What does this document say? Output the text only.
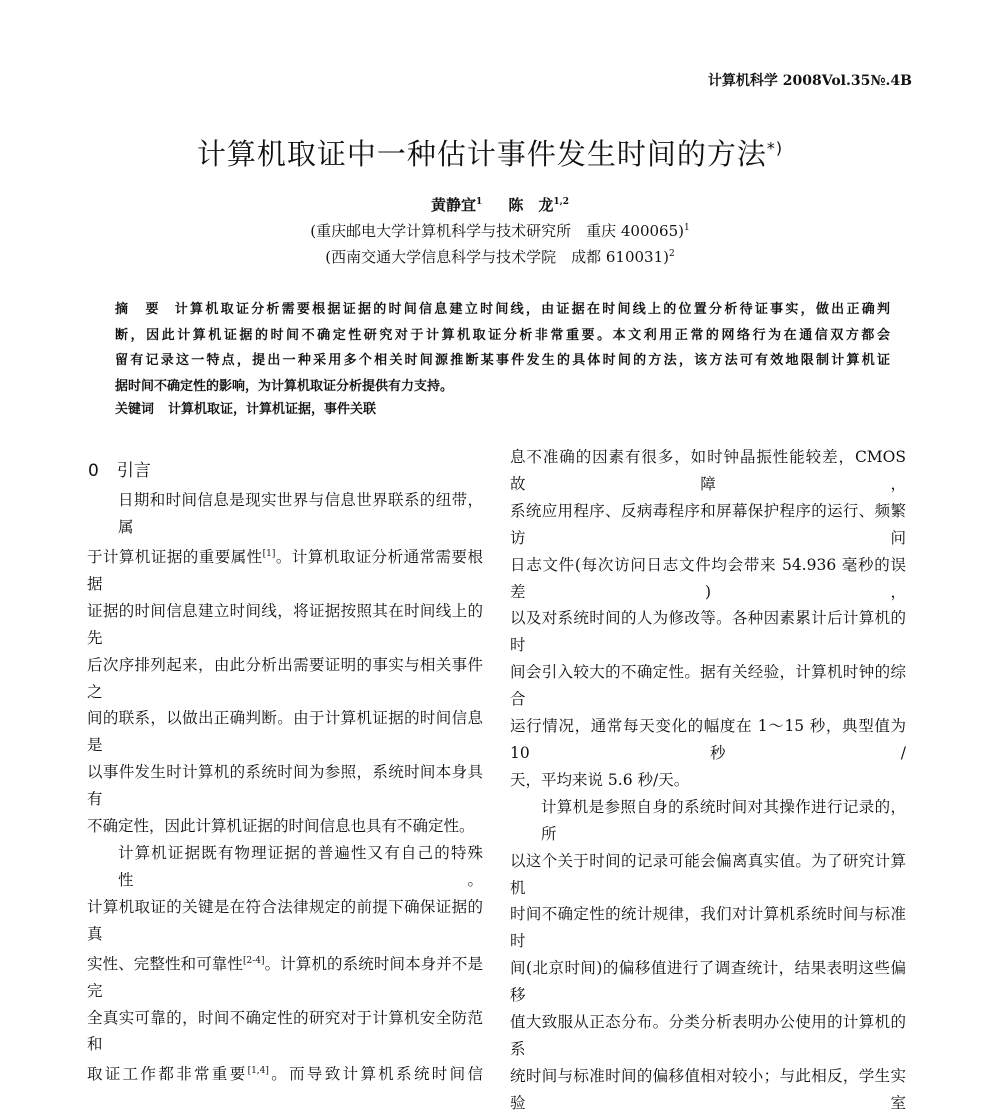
计算机科学 2008Vol.35№.4B
计算机取证中一种估计事件发生时间的方法*)
黄静宜$^1$ 陈　龙$^{1,2}$
(重庆邮电大学计算机科学与技术研究所　重庆 400065)$^1$
(西南交通大学信息科学与技术学院　成都 610031)$^2$
摘　要 计算机取证分析需要根据证据的时间信息建立时间线，由证据在时间线上的位置分析待证事实，做出正确判
断，因此计算机证据的时间不确定性研究对于计算机取证分析非常重要。本文利用正常的网络行为在通信双方都会
留有记录这一特点，提出一种采用多个相关时间源推断某事件发生的具体时间的方法，该方法可有效地限制计算机证
据时间不确定性的影响，为计算机取证分析提供有力支持。
关键词 计算机取证，计算机证据，事件关联
0 引言
日期和时间信息是现实世界与信息世界联系的纽带，属
于计算机证据的重要属性[1]。计算机取证分析通常需要根据
证据的时间信息建立时间线，将证据按照其在时间线上的先
后次序排列起来，由此分析出需要证明的事实与相关事件之
间的联系，以做出正确判断。由于计算机证据的时间信息是
以事件发生时计算机的系统时间为参照，系统时间本身具有
不确定性，因此计算机证据的时间信息也具有不确定性。
计算机证据既有物理证据的普遍性又有自己的特殊性。
计算机取证的关键是在符合法律规定的前提下确保证据的真
实性、完整性和可靠性[2-4]。计算机的系统时间本身并不是完
全真实可靠的，时间不确定性的研究对于计算机安全防范和
取证工作都非常重要[1,4]。而导致计算机系统时间信
息不准确的因素有很多，如时钟晶振性能较差，CMOS 故障，
系统应用程序、反病毒程序和屏幕保护程序的运行、频繁访问
日志文件(每次访问日志文件均会带来 54.936 毫秒的误差)，
以及对系统时间的人为修改等。各种因素累计后计算机的时
间会引入较大的不确定性。据有关经验，计算机时钟的综合
运行情况，通常每天变化的幅度在 1～15 秒，典型值为 10 秒/
天，平均来说 5.6 秒/天。
计算机是参照自身的系统时间对其操作进行记录的，所
以这个关于时间的记录可能会偏离真实值。为了研究计算机
时间不确定性的统计规律，我们对计算机系统时间与标准时
间(北京时间)的偏移值进行了调查统计，结果表明这些偏移
值大致服从正态分布。分类分析表明办公使用的计算机的系
统时间与标准时间的偏移值相对较小；与此相反，学生实验室
